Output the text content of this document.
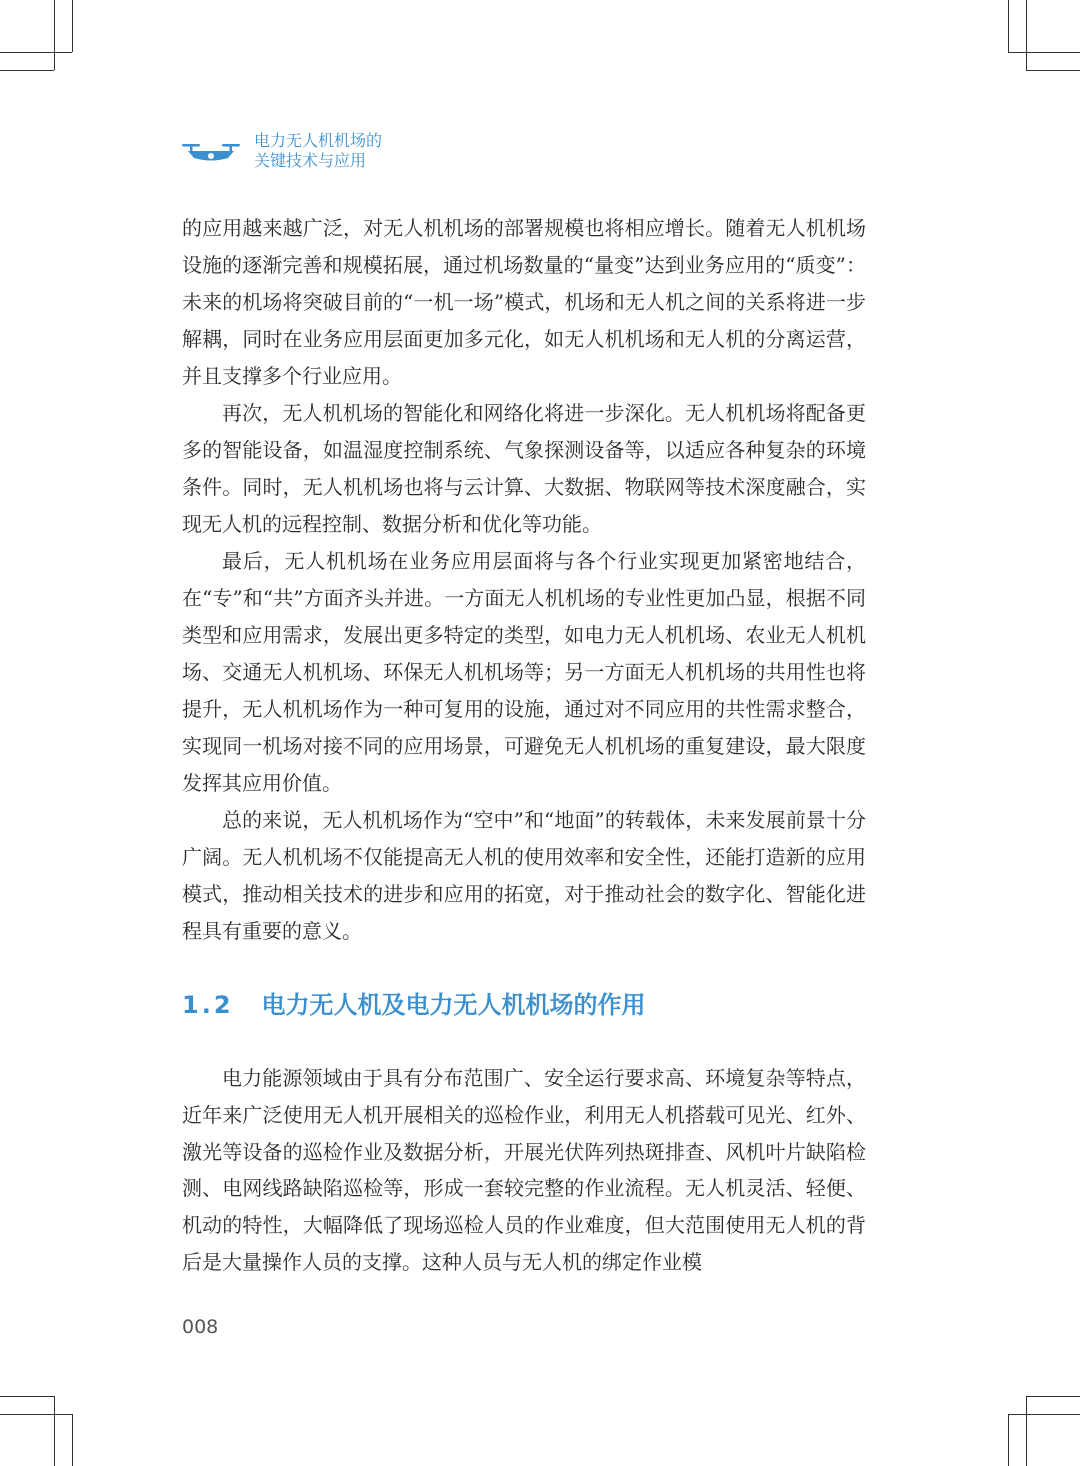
电力无人机机场的
关键技术与应用

的应用越来越广泛，对无人机机场的部署规模也将相应增长。随着无人机机场设施的逐渐完善和规模拓展，通过机场数量的“量变”达到业务应用的“质变”：未来的机场将突破目前的“一机一场”模式，机场和无人机之间的关系将进一步解耦，同时在业务应用层面更加多元化，如无人机机场和无人机的分离运营，并且支撑多个行业应用。

再次，无人机机场的智能化和网络化将进一步深化。无人机机场将配备更多的智能设备，如温湿度控制系统、气象探测设备等，以适应各种复杂的环境条件。同时，无人机机场也将与云计算、大数据、物联网等技术深度融合，实现无人机的远程控制、数据分析和优化等功能。

最后，无人机机场在业务应用层面将与各个行业实现更加紧密地结合，在“专”和“共”方面齐头并进。一方面无人机机场的专业性更加凸显，根据不同类型和应用需求，发展出更多特定的类型，如电力无人机机场、农业无人机机场、交通无人机机场、环保无人机机场等；另一方面无人机机场的共用性也将提升，无人机机场作为一种可复用的设施，通过对不同应用的共性需求整合，实现同一机场对接不同的应用场景，可避免无人机机场的重复建设，最大限度发挥其应用价值。

总的来说，无人机机场作为“空中”和“地面”的转载体，未来发展前景十分广阔。无人机机场不仅能提高无人机的使用效率和安全性，还能打造新的应用模式，推动相关技术的进步和应用的拓宽，对于推动社会的数字化、智能化进程具有重要的意义。

1.2 电力无人机及电力无人机机场的作用

电力能源领域由于具有分布范围广、安全运行要求高、环境复杂等特点，近年来广泛使用无人机开展相关的巡检作业，利用无人机搭载可见光、红外、激光等设备的巡检作业及数据分析，开展光伏阵列热斑排查、风机叶片缺陷检测、电网线路缺陷巡检等，形成一套较完整的作业流程。无人机灵活、轻便、机动的特性，大幅降低了现场巡检人员的作业难度，但大范围使用无人机的背后是大量操作人员的支撑。这种人员与无人机的绑定作业模

008
